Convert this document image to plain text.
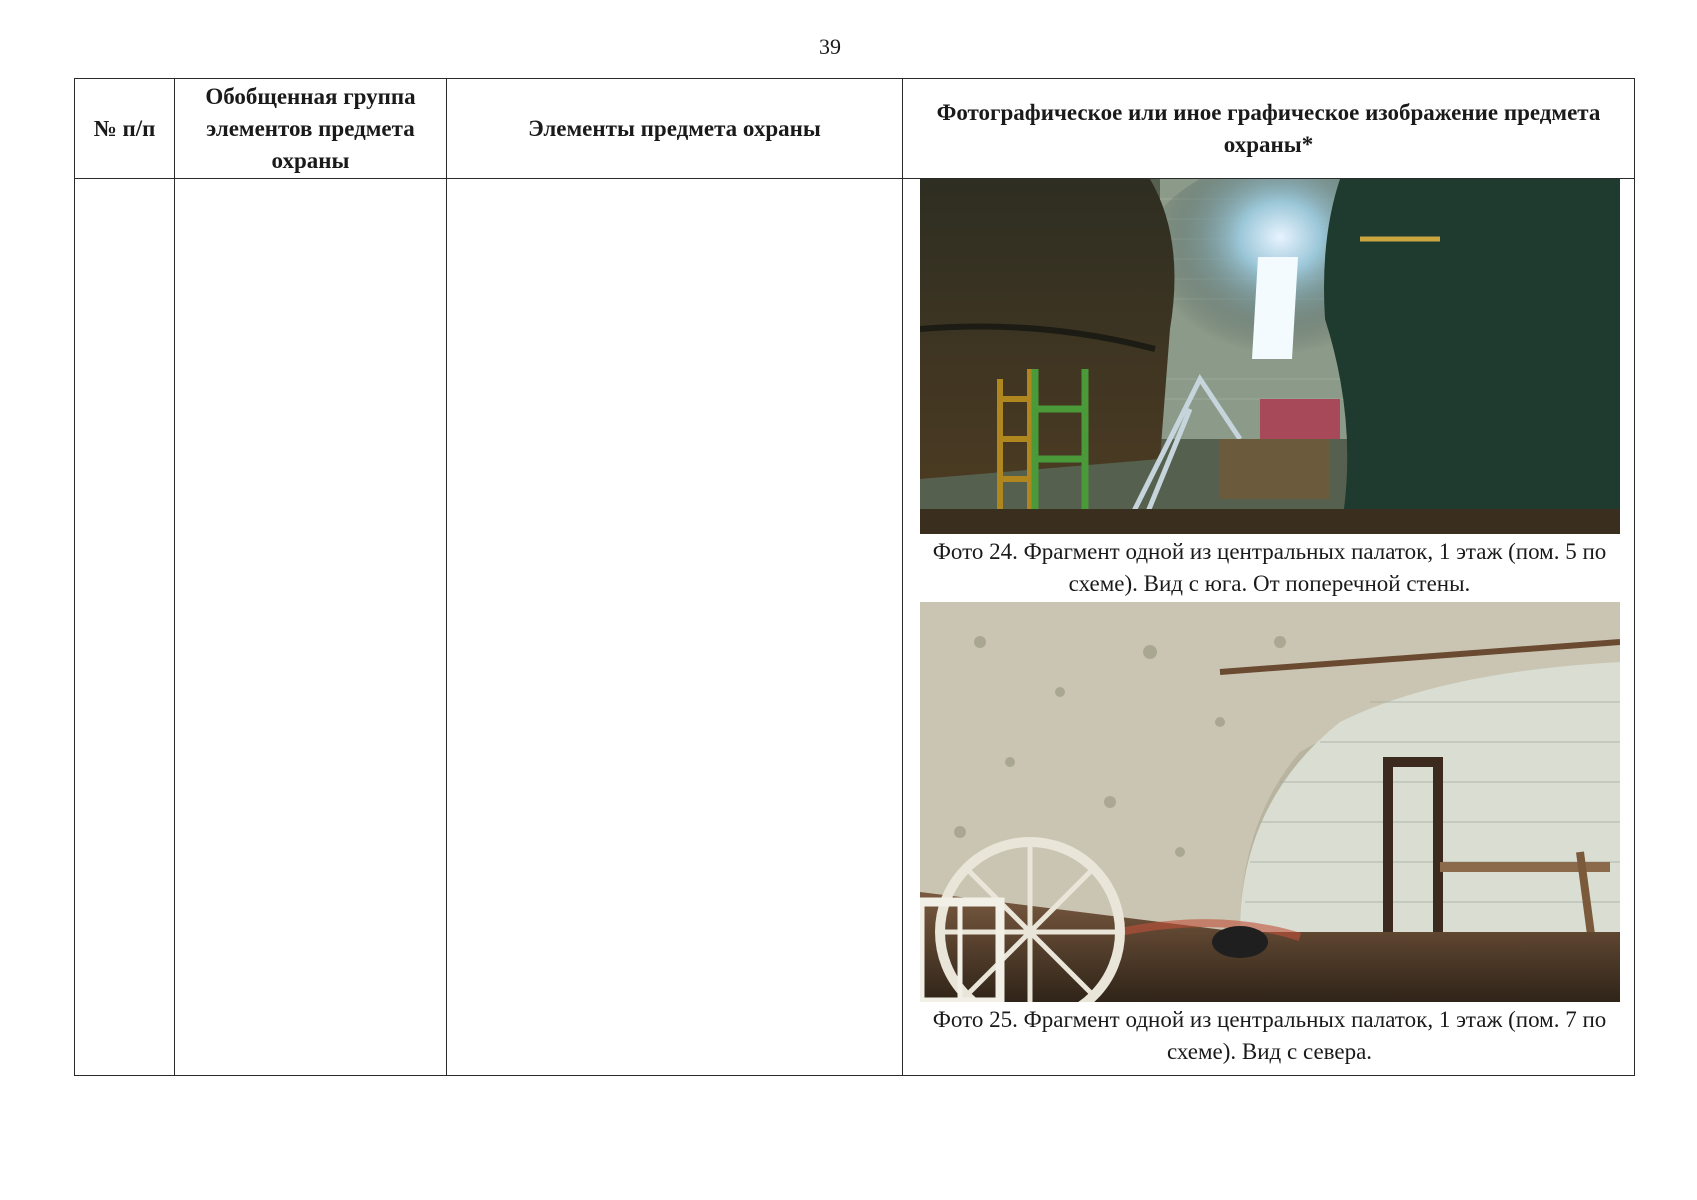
39
№ п/п	Обобщенная группа элементов предмета охраны	Элементы предмета охраны	Фотографическое или иное графическое изображение предмета охраны*

			Фото 24. Фрагмент одной из центральных палаток, 1 этаж (пом. 5 по схеме). Вид с юга. От поперечной стены.
Фото 25. Фрагмент одной из центральных палаток, 1 этаж (пом. 7 по схеме). Вид с севера.
